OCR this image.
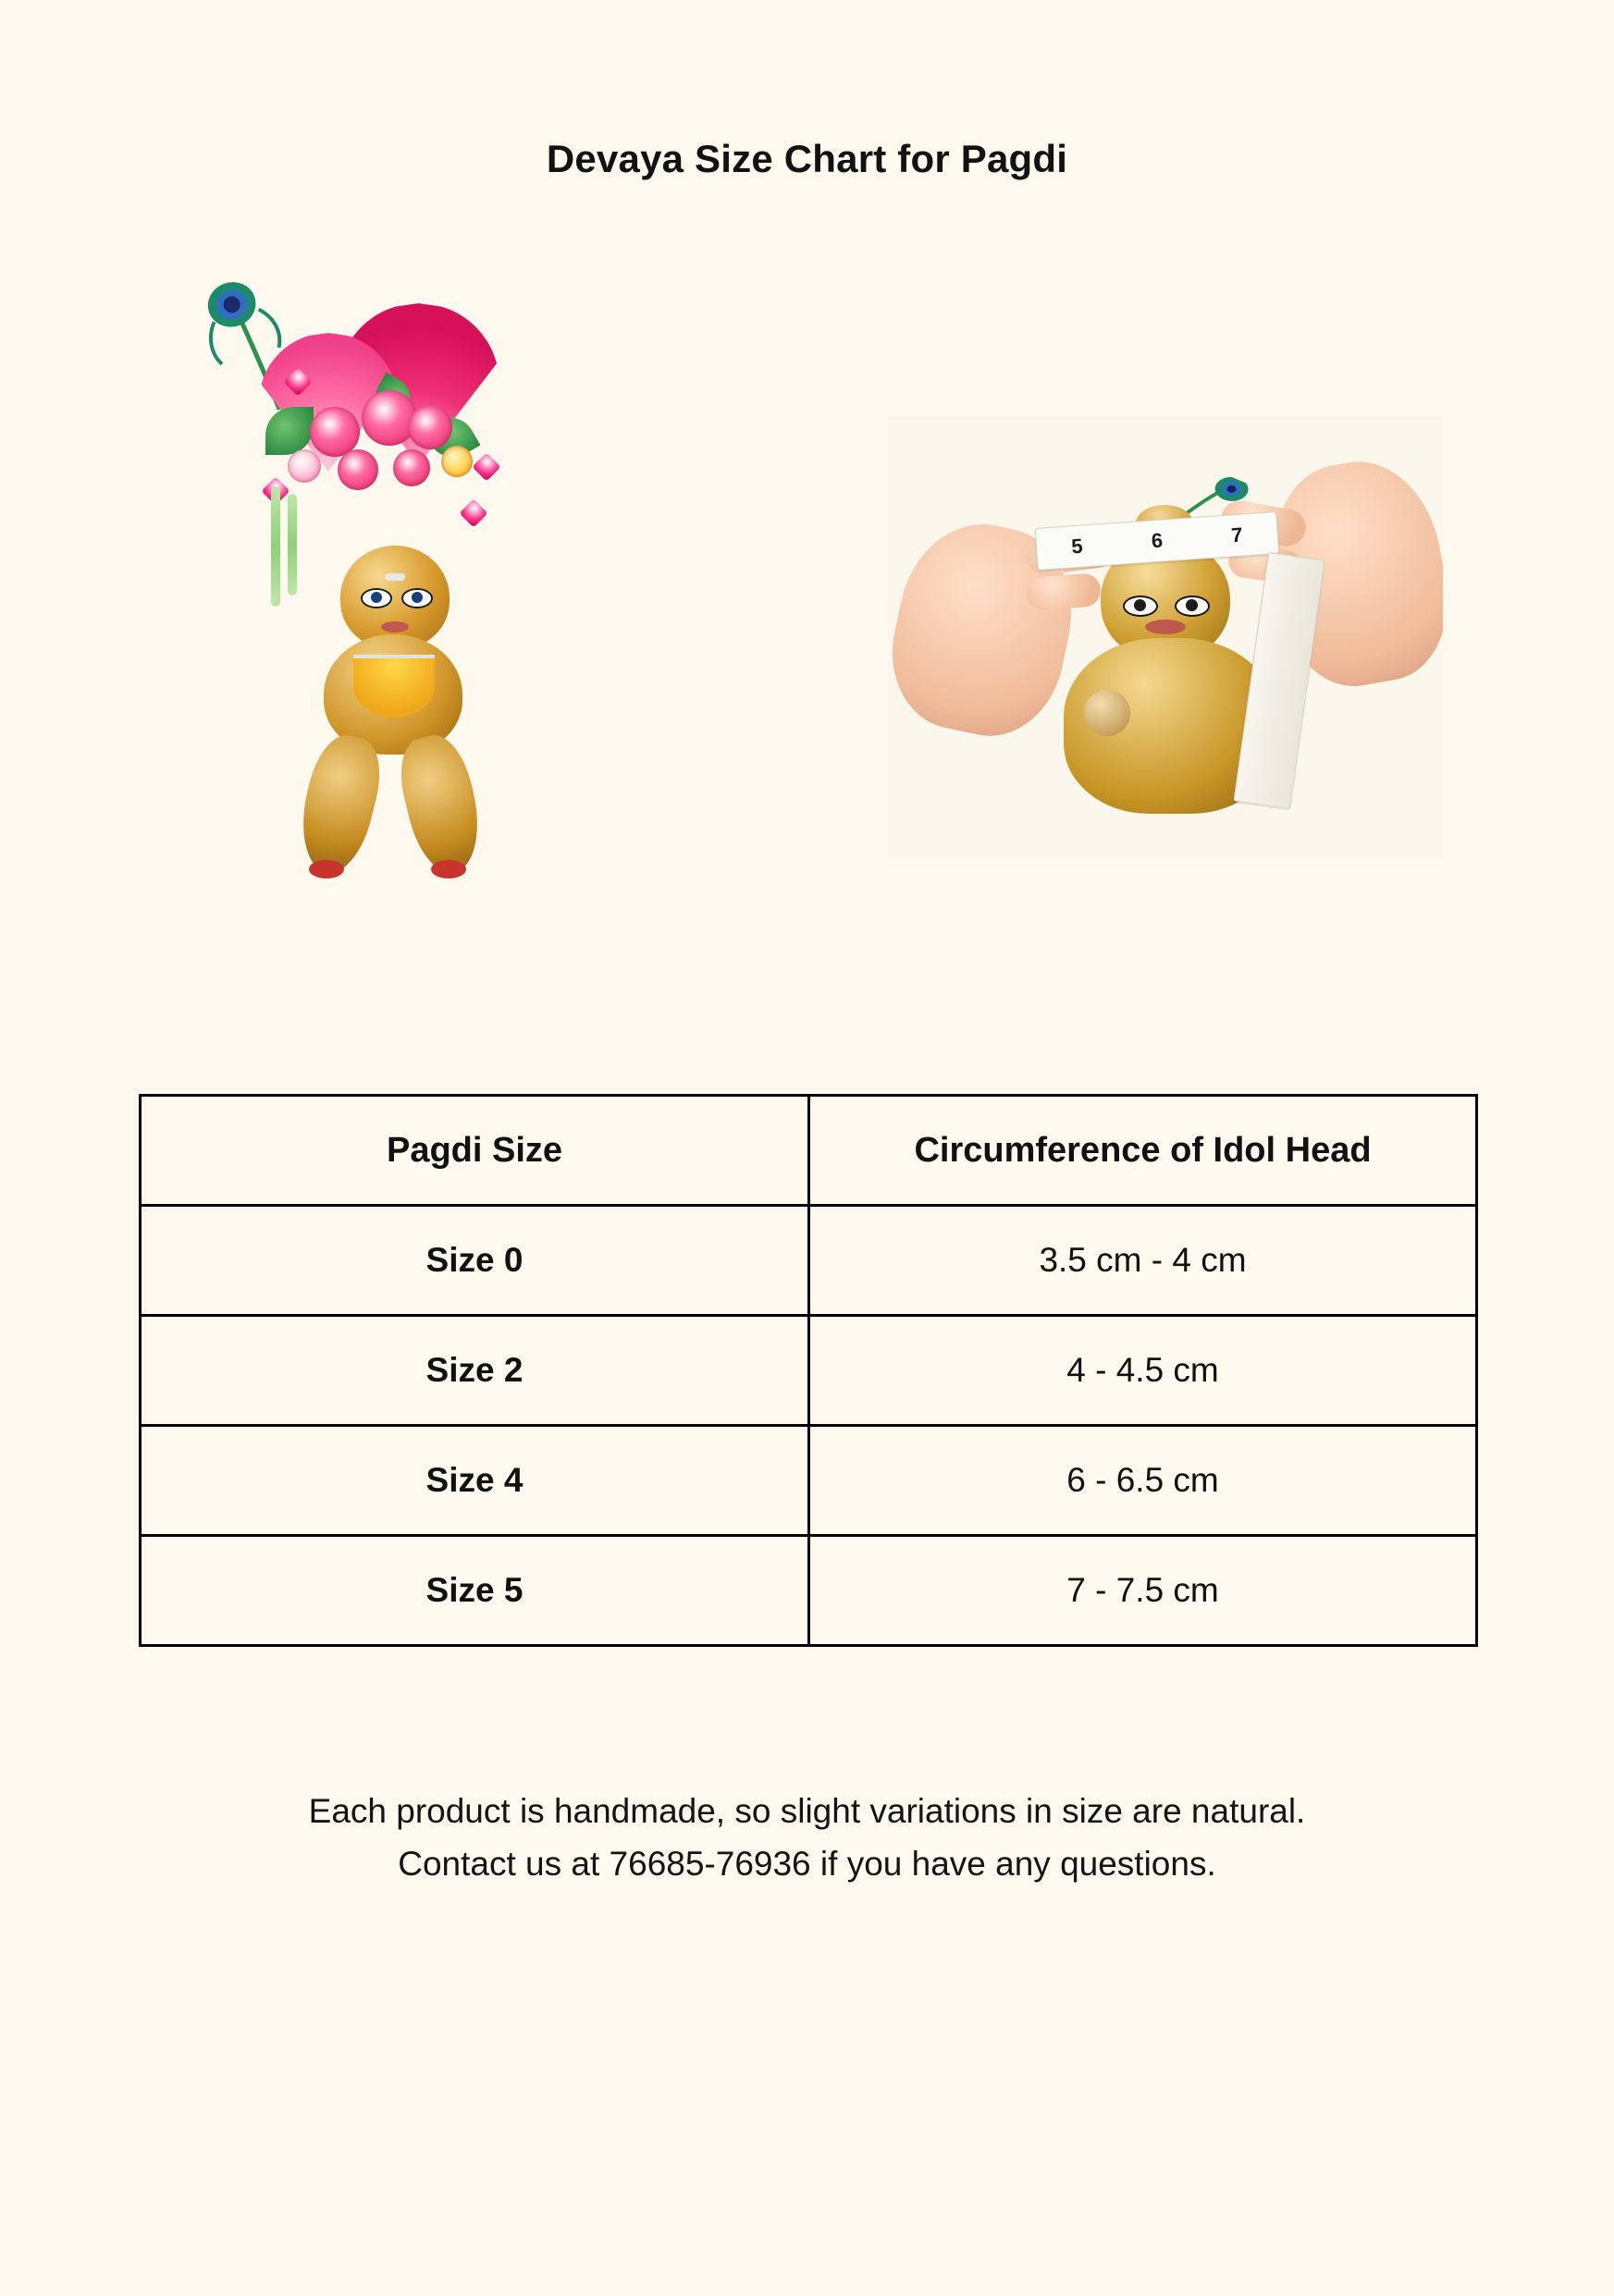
Devaya Size Chart for Pagdi
5	6	7
Pagdi Size	Circumference of Idol Head
Size 0	3.5 cm - 4 cm
Size 2	4 - 4.5 cm
Size 4	6 - 6.5 cm
Size 5	7 - 7.5 cm
Each product is handmade, so slight variations in size are natural.
Contact us at 76685-76936 if you have any questions.
